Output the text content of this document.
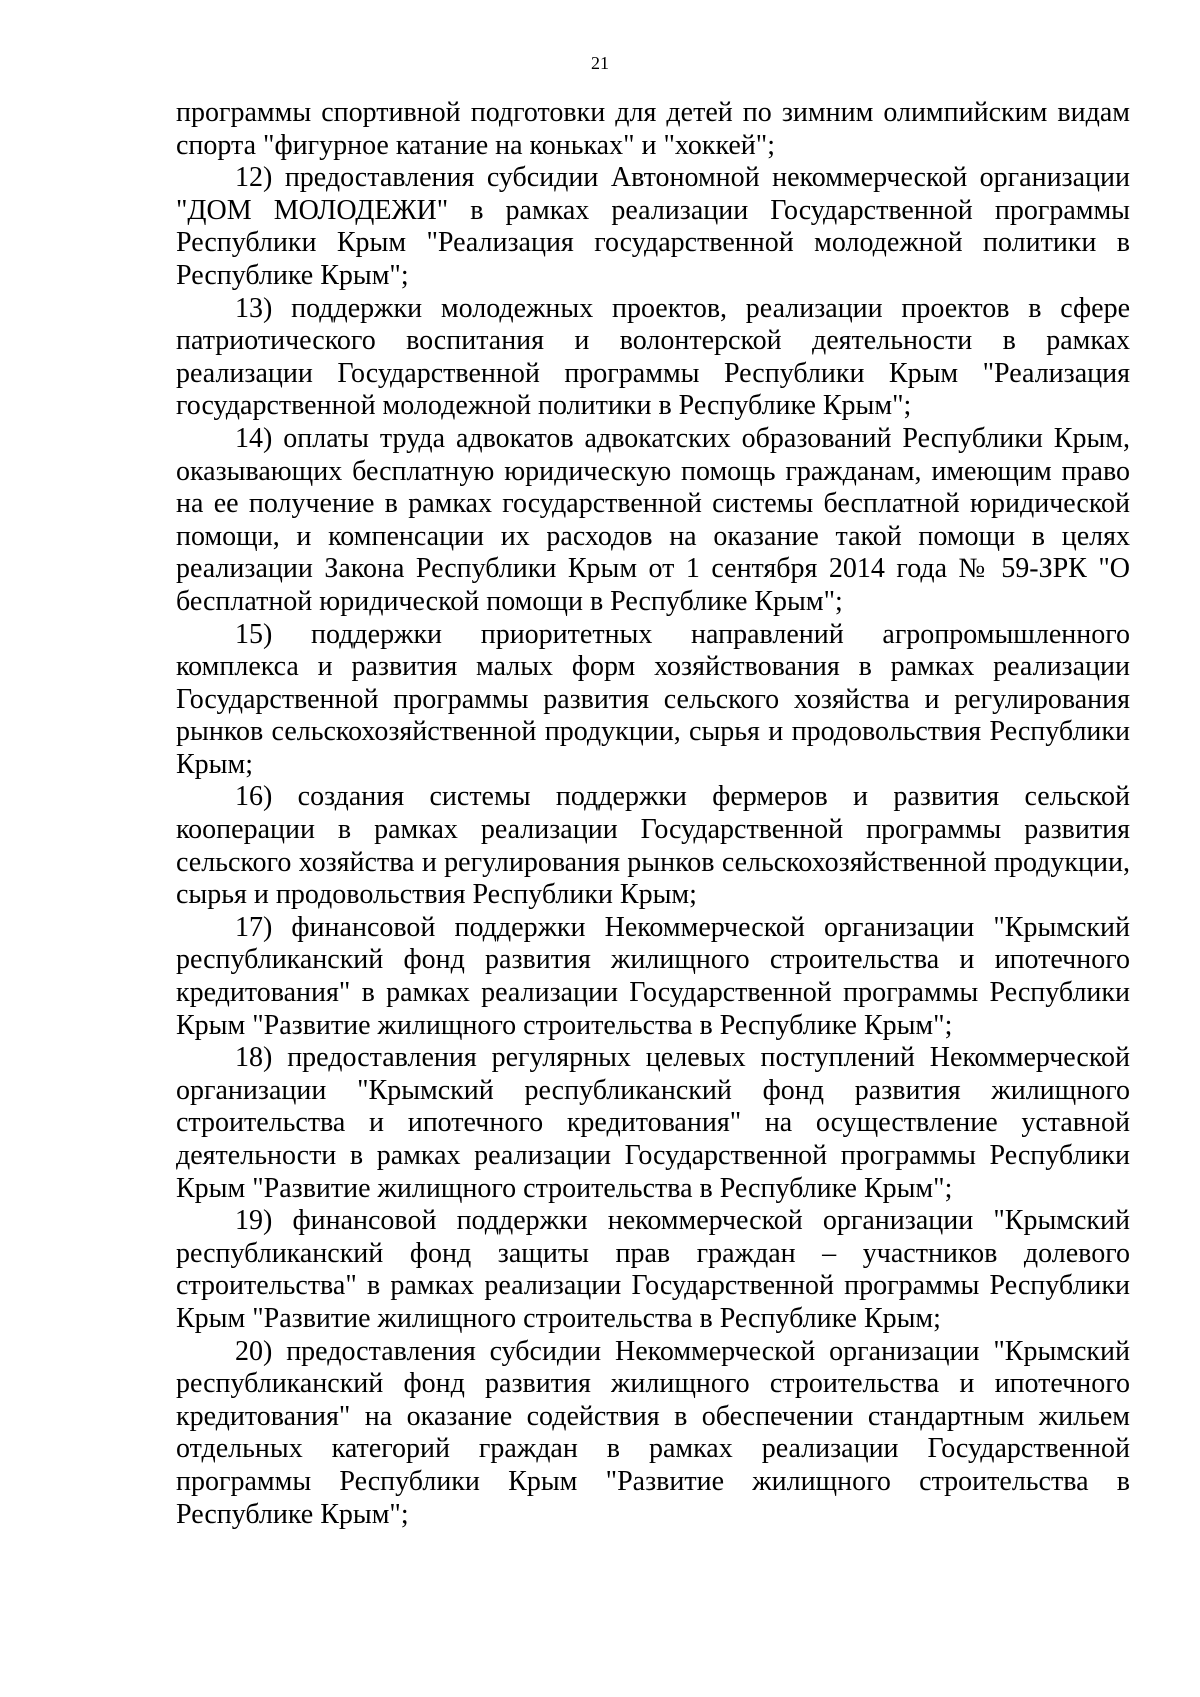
21

программы спортивной подготовки для детей по зимним олимпийским видам спорта "фигурное катание на коньках" и "хоккей";

12) предоставления субсидии Автономной некоммерческой организации "ДОМ МОЛОДЕЖИ" в рамках реализации Государственной программы Республики Крым "Реализация государственной молодежной политики в Республике Крым";

13) поддержки молодежных проектов, реализации проектов в сфере патриотического воспитания и волонтерской деятельности в рамках реализации Государственной программы Республики Крым "Реализация государственной молодежной политики в Республике Крым";

14) оплаты труда адвокатов адвокатских образований Республики Крым, оказывающих бесплатную юридическую помощь гражданам, имеющим право на ее получение в рамках государственной системы бесплатной юридической помощи, и компенсации их расходов на оказание такой помощи в целях реализации Закона Республики Крым от 1 сентября 2014 года № 59-ЗРК "О бесплатной юридической помощи в Республике Крым";

15) поддержки приоритетных направлений агропромышленного комплекса и развития малых форм хозяйствования в рамках реализации Государственной программы развития сельского хозяйства и регулирования рынков сельскохозяйственной продукции, сырья и продовольствия Республики Крым;

16) создания системы поддержки фермеров и развития сельской кооперации в рамках реализации Государственной программы развития сельского хозяйства и регулирования рынков сельскохозяйственной продукции, сырья и продовольствия Республики Крым;

17) финансовой поддержки Некоммерческой организации "Крымский республиканский фонд развития жилищного строительства и ипотечного кредитования" в рамках реализации Государственной программы Республики Крым "Развитие жилищного строительства в Республике Крым";

18) предоставления регулярных целевых поступлений Некоммерческой организации "Крымский республиканский фонд развития жилищного строительства и ипотечного кредитования" на осуществление уставной деятельности в рамках реализации Государственной программы Республики Крым "Развитие жилищного строительства в Республике Крым";

19) финансовой поддержки некоммерческой организации "Крымский республиканский фонд защиты прав граждан – участников долевого строительства" в рамках реализации Государственной программы Республики Крым "Развитие жилищного строительства в Республике Крым;

20) предоставления субсидии Некоммерческой организации "Крымский республиканский фонд развития жилищного строительства и ипотечного кредитования" на оказание содействия в обеспечении стандартным жильем отдельных категорий граждан в рамках реализации Государственной программы Республики Крым "Развитие жилищного строительства в Республике Крым";
